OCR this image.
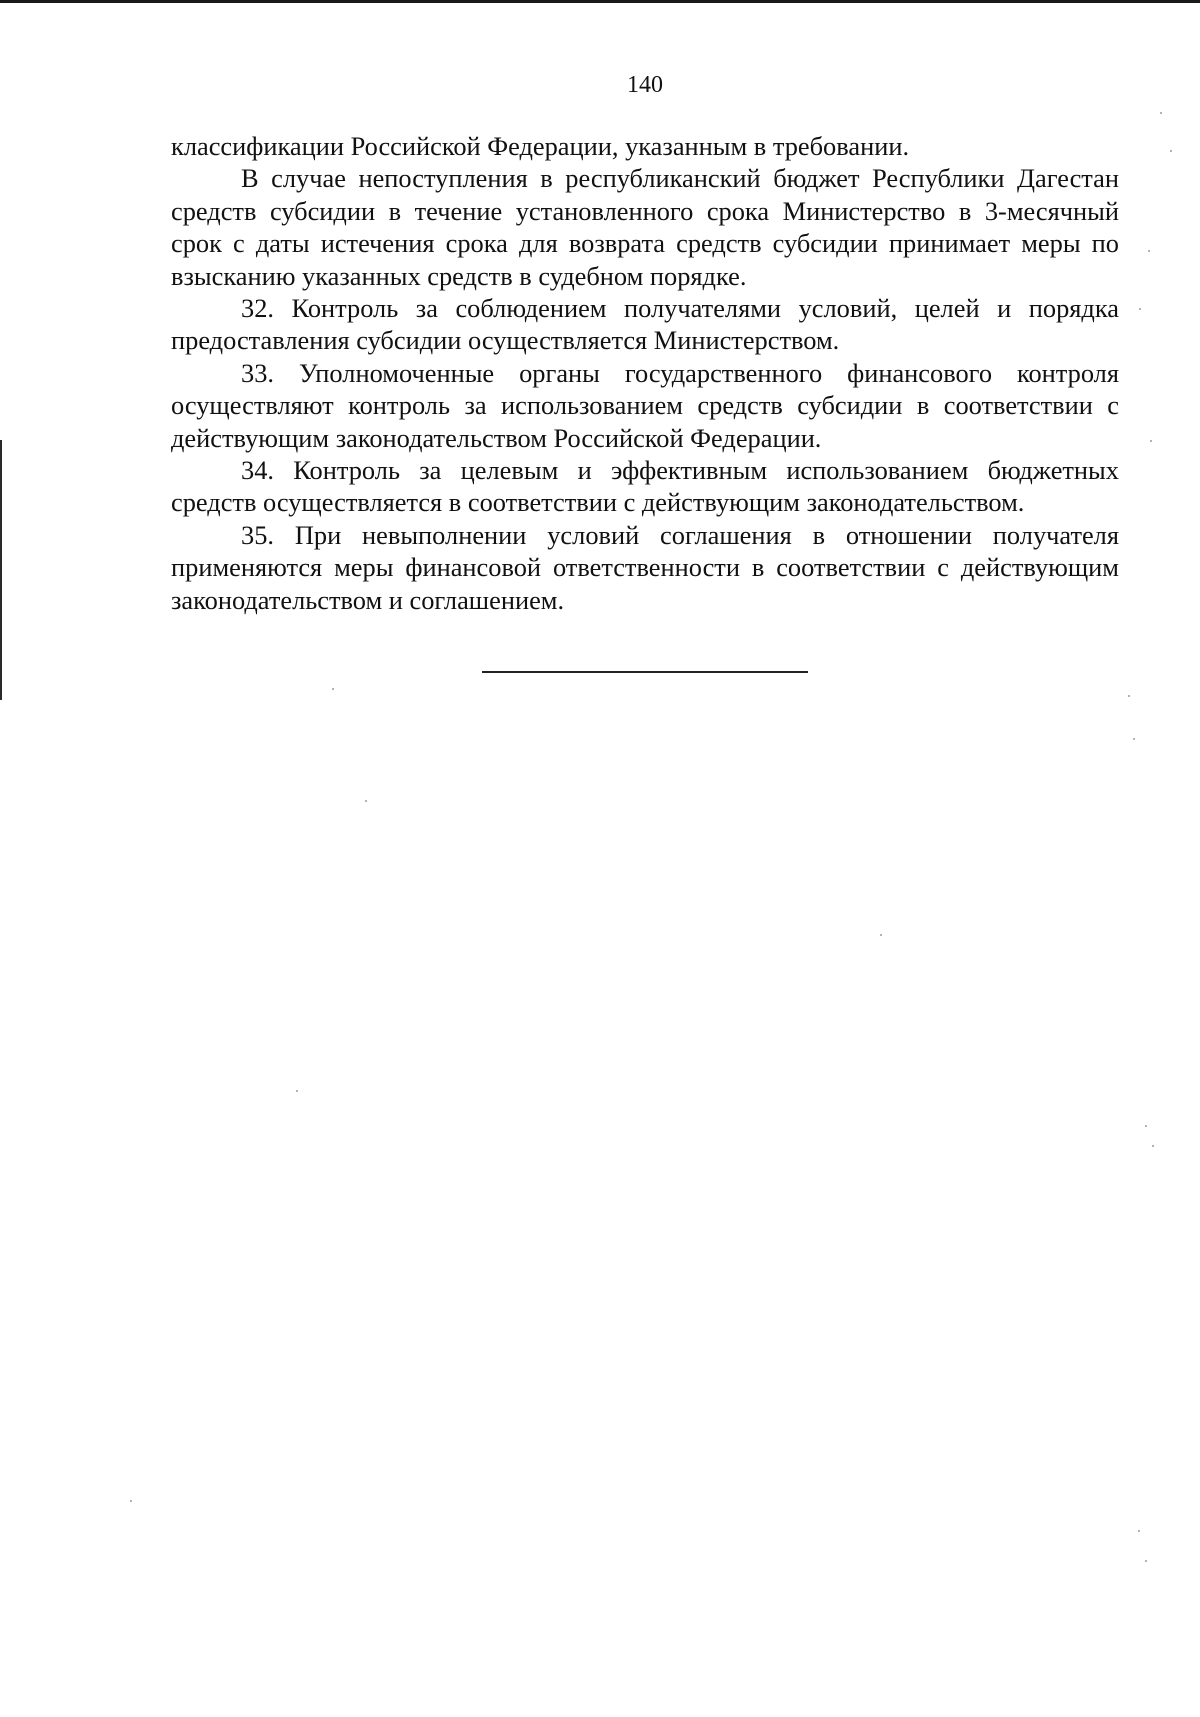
140

классификации Российской Федерации, указанным в требовании.

В случае непоступления в республиканский бюджет Республики Дагестан средств субсидии в течение установленного срока Министерство в 3-месячный срок с даты истечения срока для возврата средств субсидии принимает меры по взысканию указанных средств в судебном порядке.

32. Контроль за соблюдением получателями условий, целей и порядка предоставления субсидии осуществляется Министерством.

33. Уполномоченные органы государственного финансового контроля осуществляют контроль за использованием средств субсидии в соответствии с действующим законодательством Российской Федерации.

34. Контроль за целевым и эффективным использованием бюджетных средств осуществляется в соответствии с действующим законодательством.

35. При невыполнении условий соглашения в отношении получателя применяются меры финансовой ответственности в соответствии с действующим законодательством и соглашением.
